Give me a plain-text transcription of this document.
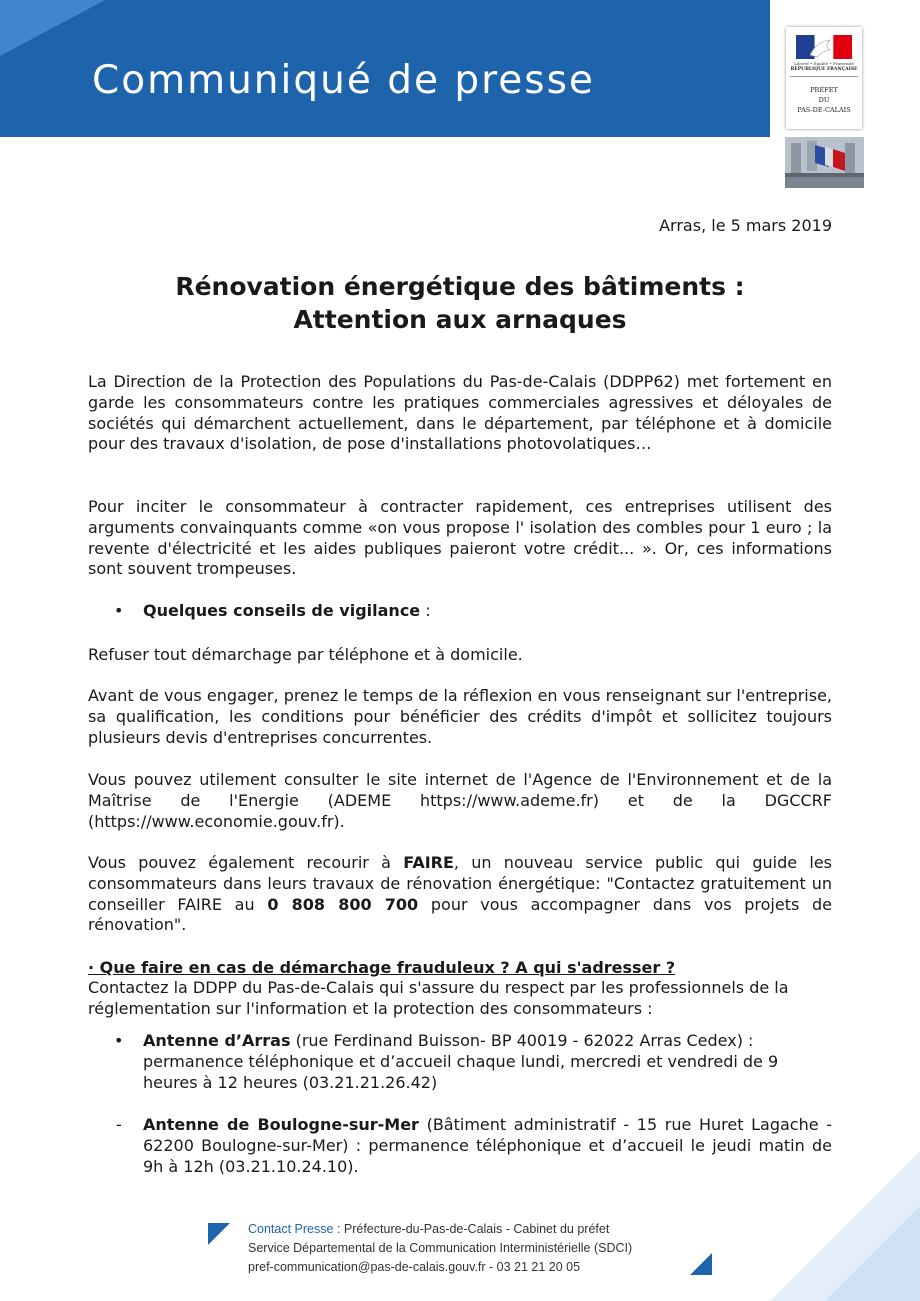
Communiqué de presse	Liberté • Égalité • Fraternité
RÉPUBLIQUE FRANÇAISE
PRÉFET
DU
PAS-DE-CALAIS
Arras, le 5 mars 2019
Rénovation énergétique des bâtiments :
Attention aux arnaques

La Direction de la Protection des Populations du Pas-de-Calais (DDPP62) met fortement en garde les consommateurs contre les pratiques commerciales agressives et déloyales de sociétés qui démarchent actuellement, dans le département, par téléphone et à domicile pour des travaux d'isolation, de pose d'installations photovolatiques…

Pour inciter le consommateur à contracter rapidement, ces entreprises utilisent des arguments convainquants comme «on vous propose l' isolation des combles pour 1 euro ; la revente d'électricité et les aides publiques paieront votre crédit... ». Or, ces informations sont souvent trompeuses.

• Quelques conseils de vigilance :

Refuser tout démarchage par téléphone et à domicile.

Avant de vous engager, prenez le temps de la réflexion en vous renseignant sur l'entreprise, sa qualification, les conditions pour bénéficier des crédits d'impôt et sollicitez toujours plusieurs devis d'entreprises concurrentes.

Vous pouvez utilement consulter le site internet de l'Agence de l'Environnement et de la Maîtrise de l'Energie (ADEME https://www.ademe.fr) et de la DGCCRF (https://www.economie.gouv.fr).

Vous pouvez également recourir à FAIRE, un nouveau service public qui guide les consommateurs dans leurs travaux de rénovation énergétique: "Contactez gratuitement un conseiller FAIRE au 0 808 800 700 pour vous accompagner dans vos projets de rénovation".

· Que faire en cas de démarchage frauduleux ? A qui s'adresser ?

Contactez la DDPP du Pas-de-Calais qui s'assure du respect par les professionnels de la réglementation sur l'information et la protection des consommateurs :

• Antenne d’Arras (rue Ferdinand Buisson- BP 40019 - 62022 Arras Cedex) : permanence téléphonique et d’accueil chaque lundi, mercredi et vendredi de 9 heures à 12 heures (03.21.21.26.42)

- Antenne de Boulogne-sur-Mer (Bâtiment administratif - 15 rue Huret Lagache - 62200 Boulogne-sur-Mer) : permanence téléphonique et d’accueil le jeudi matin de 9h à 12h (03.21.10.24.10).

Contact Presse : Préfecture-du-Pas-de-Calais - Cabinet du préfet
Service Départemental de la Communication Interministérielle (SDCI)
pref-communication@pas-de-calais.gouv.fr - 03 21 21 20 05
